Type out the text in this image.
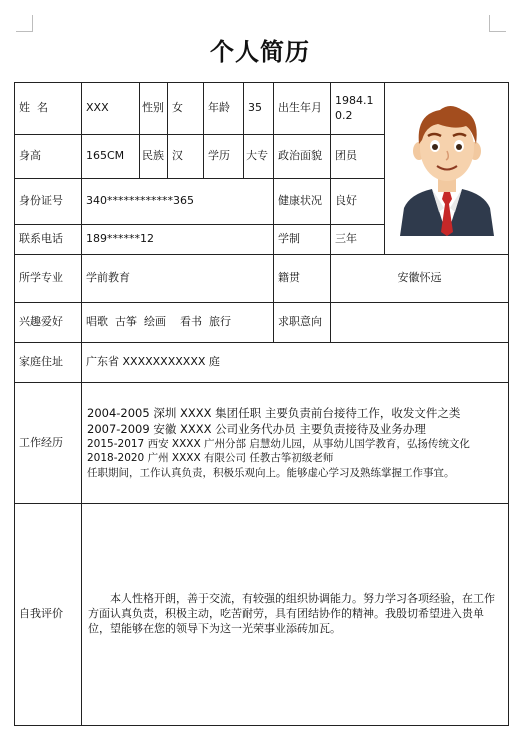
个人简历
姓  名	XXX	性别	女	年龄	35	出生年月	1984.10.2	
身高	165CM	民族	汉	学历	大专	政治面貌	团员	
身份证号	340************365					健康状况	良好	
联系电话	189******12					学制	三年	
所学专业	学前教育					籍贯	安徽怀远	
兴趣爱好	唱歌  古筝  绘画    看书  旅行					求职意向		
家庭住址	广东省 XXXXXXXXXXX 庭							
工作经历	2004-2005 深圳 XXXX 集团任职 主要负责前台接待工作，收发文件之类
2007-2009 安徽 XXXX 公司业务代办员 主要负责接待及业务办理
2015-2017 西安 XXXX 广州分部 启慧幼儿园，从事幼儿国学教育，弘扬传统文化
2018-2020 广州 XXXX 有限公司 任教古筝初级老师
任职期间，工作认真负责，积极乐观向上。能够虚心学习及熟练掌握工作事宜。							

自我评价	本人性格开朗，善于交流，有较强的组织协调能力。努力学习各项经验，在工作方面认真负责，积极主动，吃苦耐劳，具有团结协作的精神。我殷切希望进入贵单位，望能够在您的领导下为这一光荣事业添砖加瓦。							
